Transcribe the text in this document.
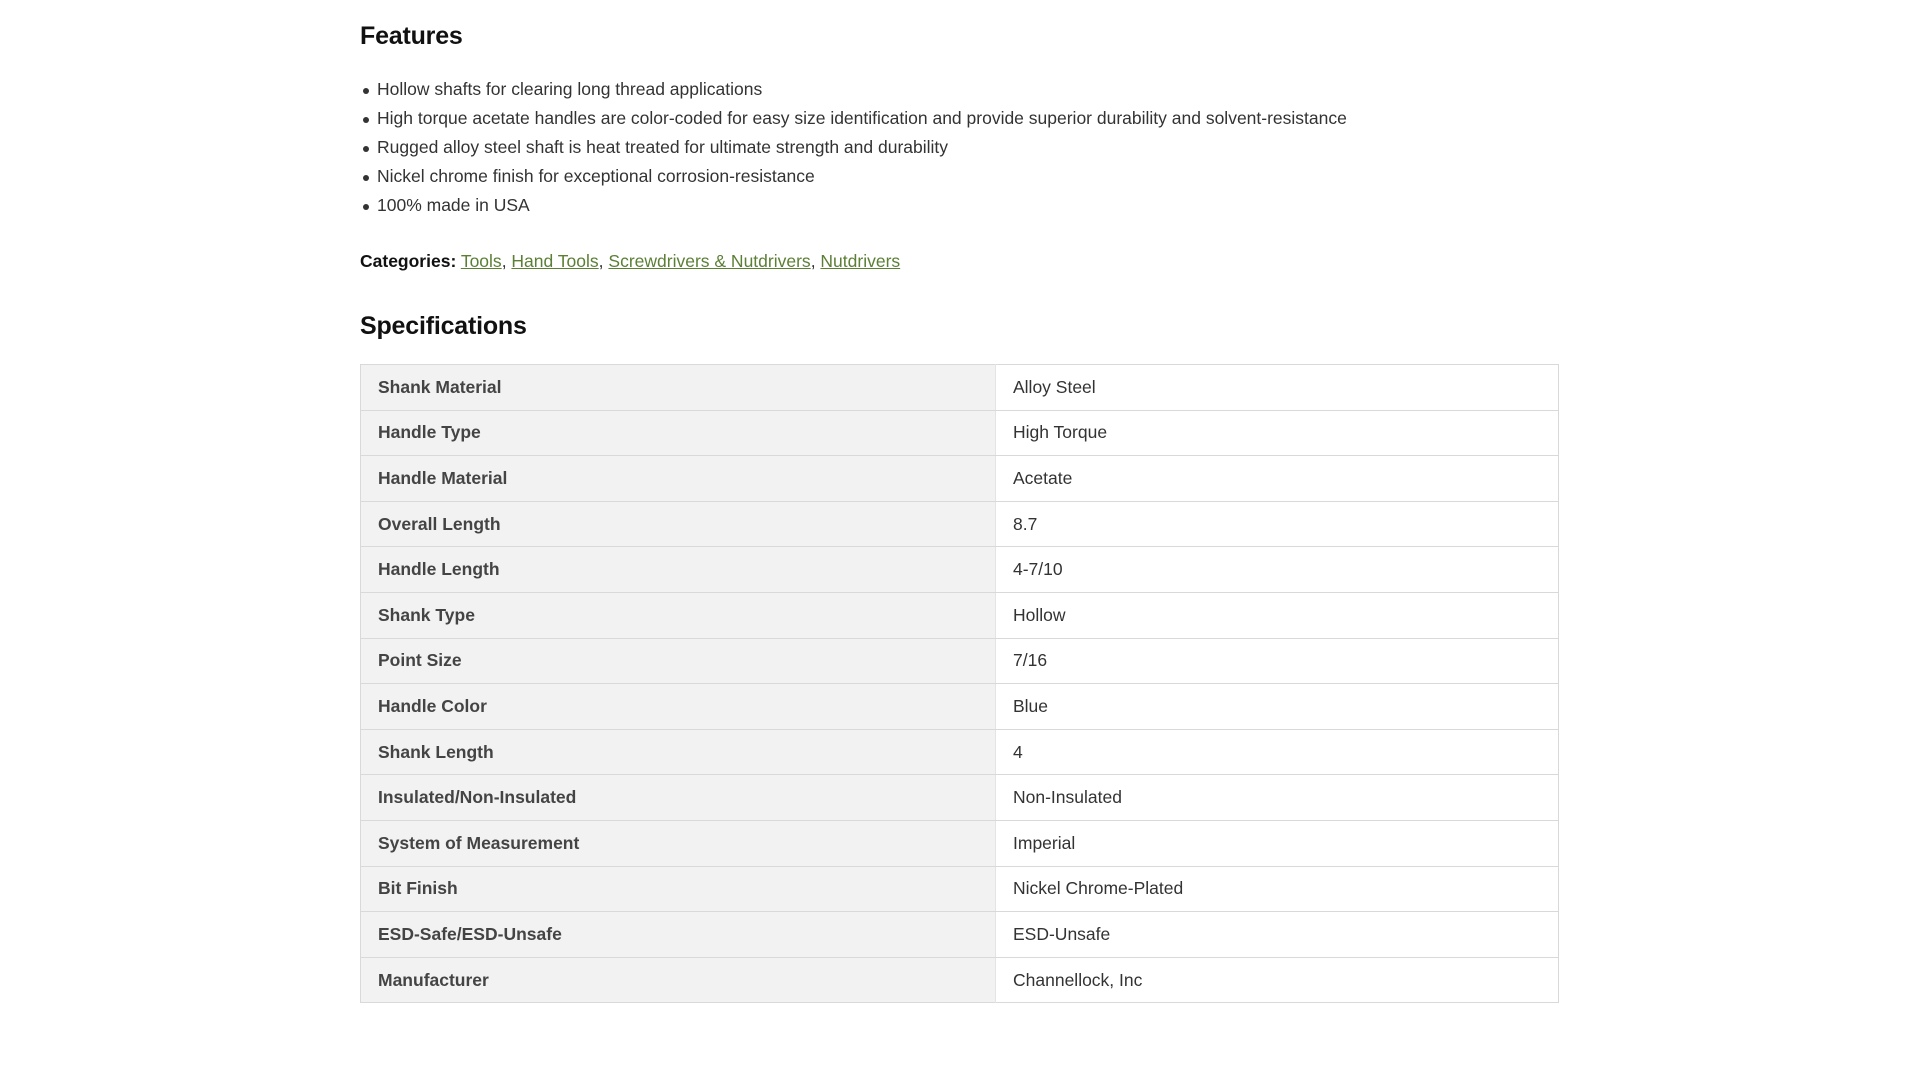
Features
Hollow shafts for clearing long thread applications
High torque acetate handles are color-coded for easy size identification and provide superior durability and solvent-resistance
Rugged alloy steel shaft is heat treated for ultimate strength and durability
Nickel chrome finish for exceptional corrosion-resistance
100% made in USA
Categories: Tools, Hand Tools, Screwdrivers & Nutdrivers, Nutdrivers
Specifications
Shank Material	Alloy Steel
Handle Type	High Torque
Handle Material	Acetate
Overall Length	8.7
Handle Length	4-7/10
Shank Type	Hollow
Point Size	7/16
Handle Color	Blue
Shank Length	4
Insulated/Non-Insulated	Non-Insulated
System of Measurement	Imperial
Bit Finish	Nickel Chrome-Plated
ESD-Safe/ESD-Unsafe	ESD-Unsafe
Manufacturer	Channellock, Inc
